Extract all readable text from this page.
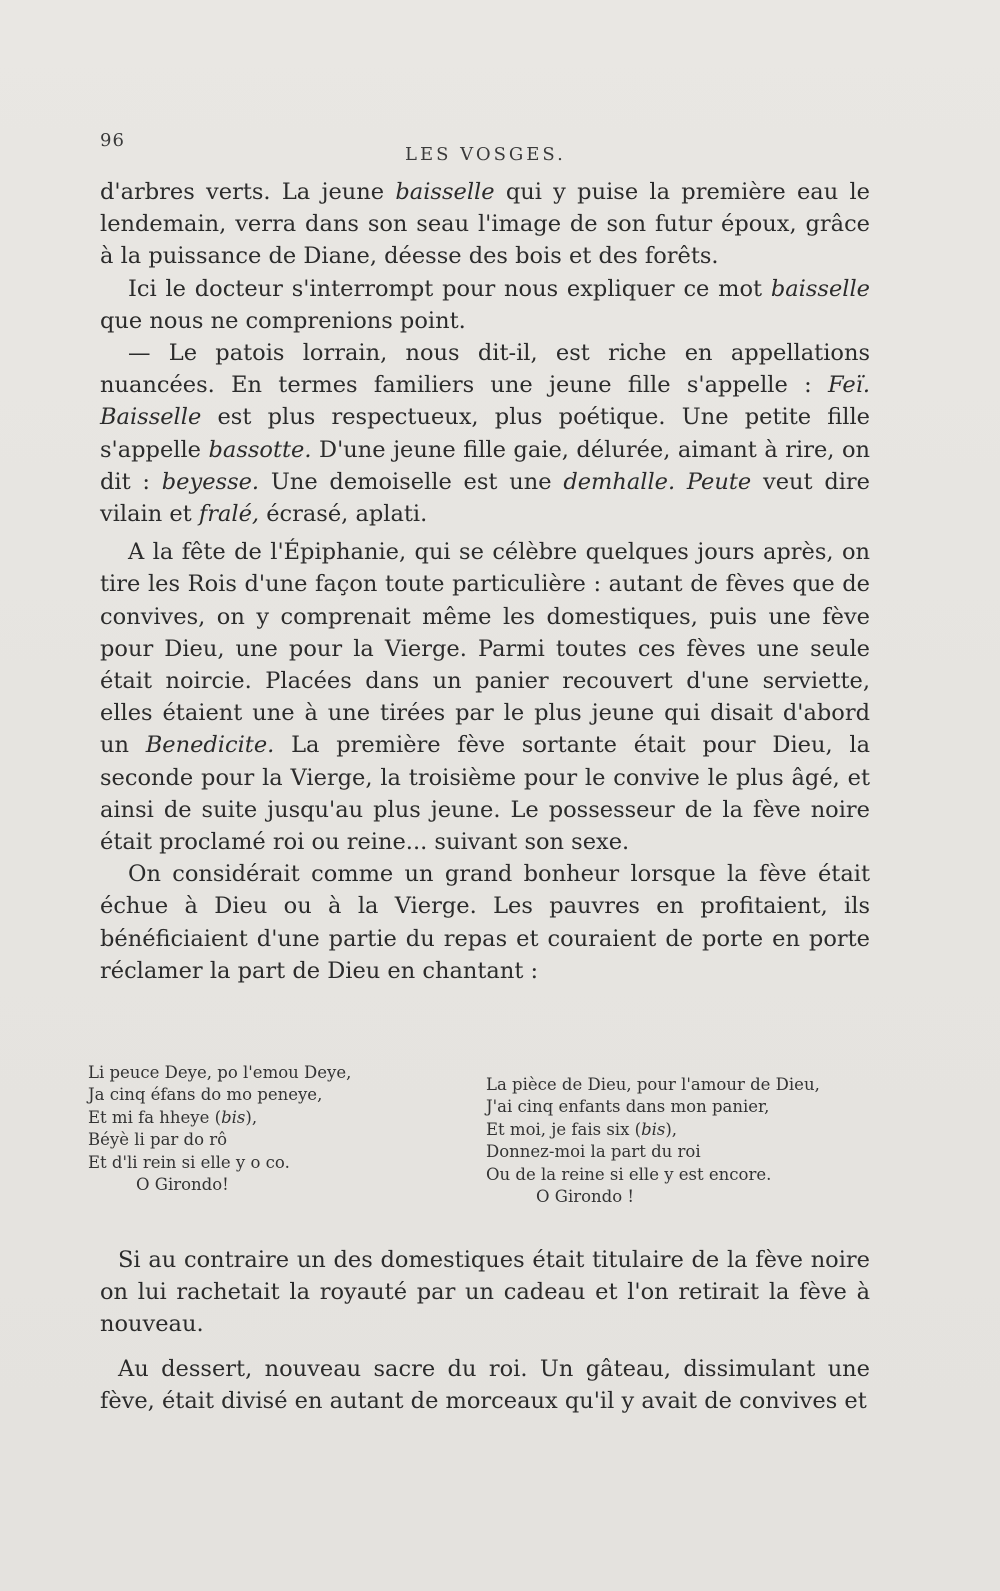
96
LES VOSGES.

d'arbres verts. La jeune baisselle qui y puise la première eau le lendemain, verra dans son seau l'image de son futur époux, grâce à la puissance de Diane, déesse des bois et des forêts.

Ici le docteur s'interrompt pour nous expliquer ce mot baisselle que nous ne comprenions point.

— Le patois lorrain, nous dit-il, est riche en appellations nuancées. En termes familiers une jeune fille s'appelle : Feï. Baisselle est plus respectueux, plus poétique. Une petite fille s'appelle bassotte. D'une jeune fille gaie, délurée, aimant à rire, on dit : beyesse. Une demoiselle est une demhalle. Peute veut dire vilain et fralé, écrasé, aplati.

A la fête de l'Épiphanie, qui se célèbre quelques jours après, on tire les Rois d'une façon toute particulière : autant de fèves que de convives, on y comprenait même les domestiques, puis une fève pour Dieu, une pour la Vierge. Parmi toutes ces fèves une seule était noircie. Placées dans un panier recouvert d'une serviette, elles étaient une à une tirées par le plus jeune qui disait d'abord un Benedicite. La première fève sortante était pour Dieu, la seconde pour la Vierge, la troisième pour le convive le plus âgé, et ainsi de suite jusqu'au plus jeune. Le possesseur de la fève noire était proclamé roi ou reine... suivant son sexe.

On considérait comme un grand bonheur lorsque la fève était échue à Dieu ou à la Vierge. Les pauvres en profitaient, ils bénéficiaient d'une partie du repas et couraient de porte en porte réclamer la part de Dieu en chantant :

Li peuce Deye, po l'emou Deye,
Ja cinq éfans do mo peneye,
Et mi fa hheye (bis),
Béyè li par do rô
Et d'li rein si elle y o co.
O Girondo!
La pièce de Dieu, pour l'amour de Dieu,
J'ai cinq enfants dans mon panier,
Et moi, je fais six (bis),
Donnez-moi la part du roi
Ou de la reine si elle y est encore.
O Girondo !

Si au contraire un des domestiques était titulaire de la fève noire on lui rachetait la royauté par un cadeau et l'on retirait la fève à nouveau.

Au dessert, nouveau sacre du roi. Un gâteau, dissimulant une fève, était divisé en autant de morceaux qu'il y avait de convives et
